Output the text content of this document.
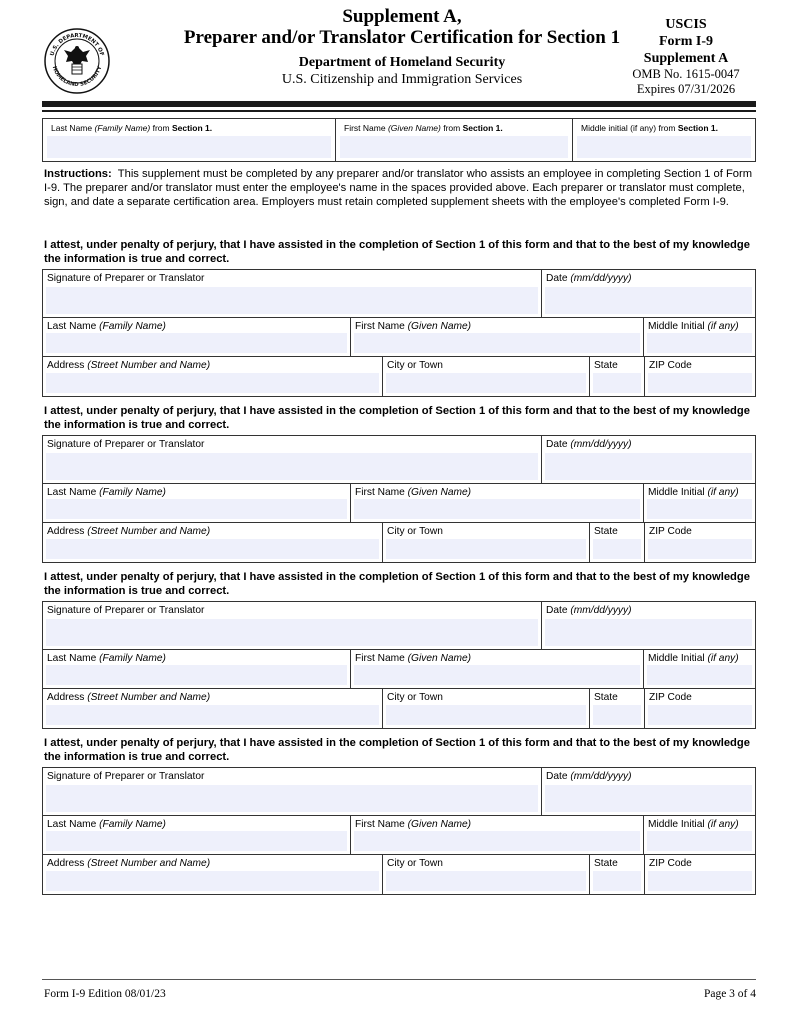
U.S. DEPARTMENT OF
HOMELAND SECURITY
Supplement A,
Preparer and/or Translator Certification for Section 1
Department of Homeland Security
U.S. Citizenship and Immigration Services
USCIS
Form I-9
Supplement A
OMB No. 1615-0047
Expires 07/31/2026
Last Name (Family Name) from Section 1.	First Name (Given Name) from Section 1.	Middle initial (if any) from Section 1.
Instructions: This supplement must be completed by any preparer and/or translator who assists an employee in completing Section 1 of Form I-9. The preparer and/or translator must enter the employee's name in the spaces provided above. Each preparer or translator must complete, sign, and date a separate certification area. Employers must retain completed supplement sheets with the employee's completed Form I-9.
I attest, under penalty of perjury, that I have assisted in the completion of Section 1 of this form and that to the best of my knowledge the information is true and correct.
Signature of Preparer or Translator	Date (mm/dd/yyyy)
Last Name (Family Name)	First Name (Given Name)	Middle Initial (if any)
Address (Street Number and Name)	City or Town	State	ZIP Code
I attest, under penalty of perjury, that I have assisted in the completion of Section 1 of this form and that to the best of my knowledge the information is true and correct.
Signature of Preparer or Translator	Date (mm/dd/yyyy)
Last Name (Family Name)	First Name (Given Name)	Middle Initial (if any)
Address (Street Number and Name)	City or Town	State	ZIP Code
I attest, under penalty of perjury, that I have assisted in the completion of Section 1 of this form and that to the best of my knowledge the information is true and correct.
Signature of Preparer or Translator	Date (mm/dd/yyyy)
Last Name (Family Name)	First Name (Given Name)	Middle Initial (if any)
Address (Street Number and Name)	City or Town	State	ZIP Code
I attest, under penalty of perjury, that I have assisted in the completion of Section 1 of this form and that to the best of my knowledge the information is true and correct.
Signature of Preparer or Translator	Date (mm/dd/yyyy)
Last Name (Family Name)	First Name (Given Name)	Middle Initial (if any)
Address (Street Number and Name)	City or Town	State	ZIP Code
Form I-9 Edition 08/01/23	Page 3 of 4
